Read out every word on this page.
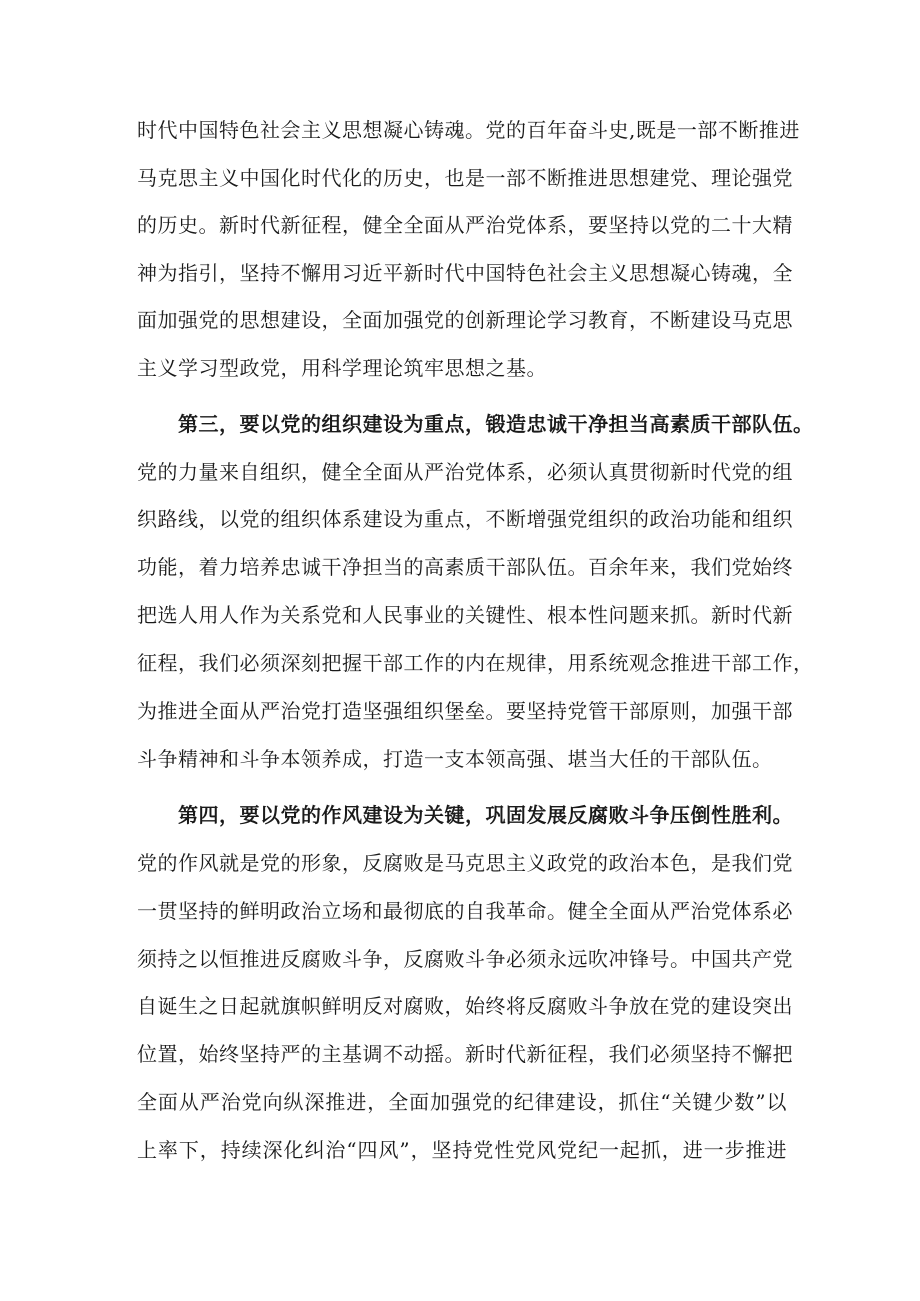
时代中国特色社会主义思想凝心铸魂。党的百年奋斗史,既是一部不断推进
马克思主义中国化时代化的历史，也是一部不断推进思想建党、理论强党
的历史。新时代新征程，健全全面从严治党体系，要坚持以党的二十大精
神为指引，坚持不懈用习近平新时代中国特色社会主义思想凝心铸魂，全
面加强党的思想建设，全面加强党的创新理论学习教育，不断建设马克思
主义学习型政党，用科学理论筑牢思想之基。
第三，要以党的组织建设为重点，锻造忠诚干净担当高素质干部队伍。
党的力量来自组织，健全全面从严治党体系，必须认真贯彻新时代党的组
织路线，以党的组织体系建设为重点，不断增强党组织的政治功能和组织
功能，着力培养忠诚干净担当的高素质干部队伍。百余年来，我们党始终
把选人用人作为关系党和人民事业的关键性、根本性问题来抓。新时代新
征程，我们必须深刻把握干部工作的内在规律，用系统观念推进干部工作，
为推进全面从严治党打造坚强组织堡垒。要坚持党管干部原则，加强干部
斗争精神和斗争本领养成，打造一支本领高强、堪当大任的干部队伍。
第四，要以党的作风建设为关键，巩固发展反腐败斗争压倒性胜利。
党的作风就是党的形象，反腐败是马克思主义政党的政治本色，是我们党
一贯坚持的鲜明政治立场和最彻底的自我革命。健全全面从严治党体系必
须持之以恒推进反腐败斗争，反腐败斗争必须永远吹冲锋号。中国共产党
自诞生之日起就旗帜鲜明反对腐败，始终将反腐败斗争放在党的建设突出
位置，始终坚持严的主基调不动摇。新时代新征程，我们必须坚持不懈把
全面从严治党向纵深推进，全面加强党的纪律建设，抓住“关键少数”以
上率下，持续深化纠治“四风”，坚持党性党风党纪一起抓，进一步推进
